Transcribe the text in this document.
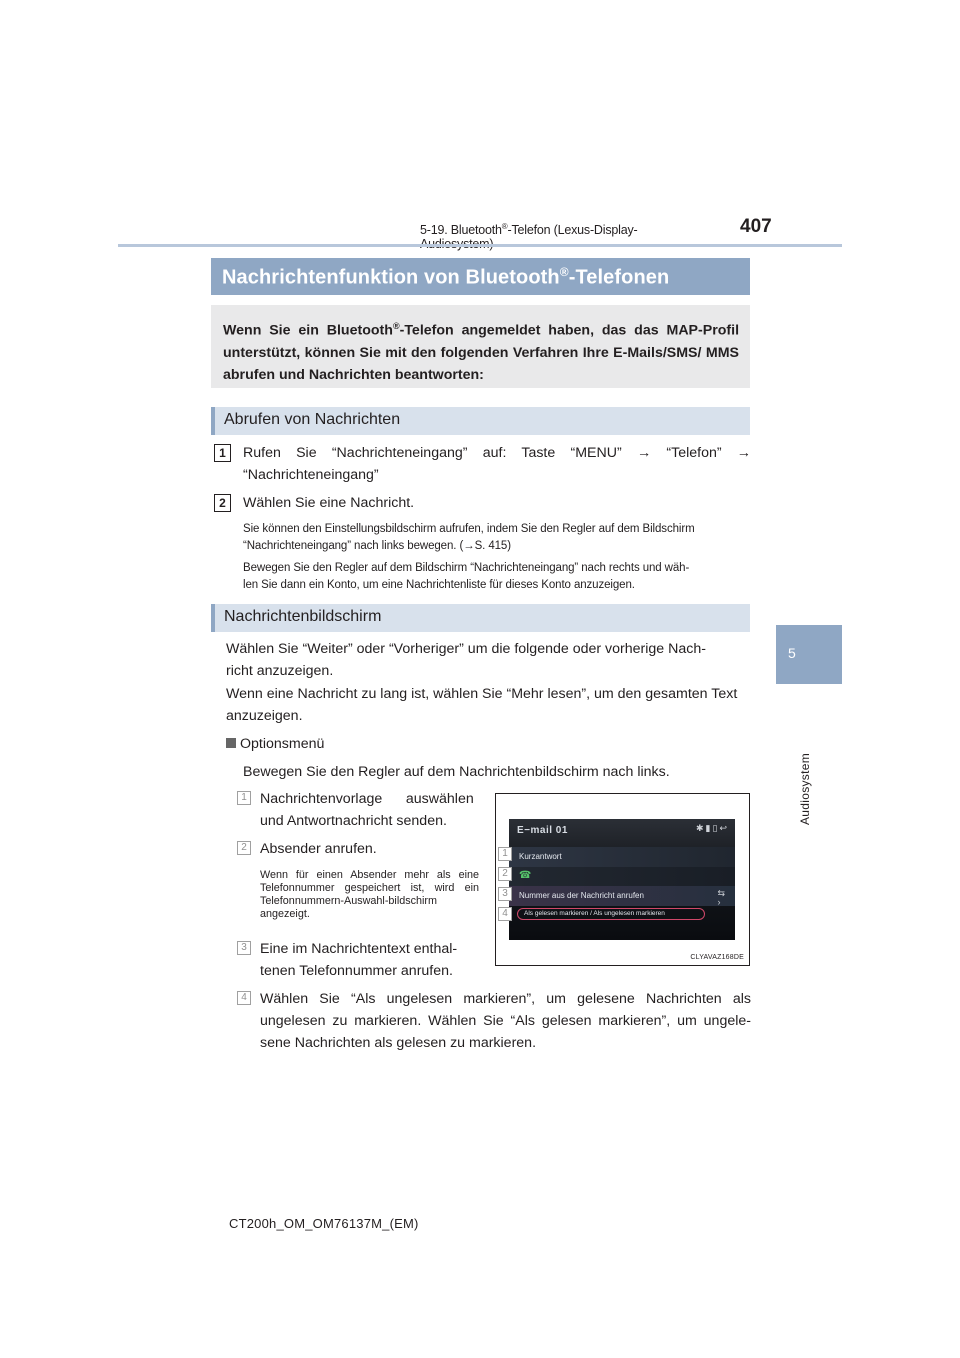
5-19. Bluetooth®-Telefon (Lexus-Display-	407
5
Audiosystem
Nachrichtenfunktion von Bluetooth®-Telefonen
Wenn Sie ein Bluetooth®-Telefon angemeldet haben, das das MAP-Profil unterstützt, können Sie mit den folgenden Verfahren Ihre E-Mails/SMS/ MMS abrufen und Nachrichten beantworten:
Abrufen von Nachrichten
1	Rufen Sie “Nachrichteneingang” auf: Taste “MENU” → “Telefon” →
“Nachrichteneingang”
2	Wählen Sie eine Nachricht.
Sie können den Einstellungsbildschirm aufrufen, indem Sie den Regler auf dem Bildschirm
“Nachrichteneingang” nach links bewegen. (→S. 415)
Bewegen Sie den Regler auf dem Bildschirm “Nachrichteneingang” nach rechts und wäh-
len Sie dann ein Konto, um eine Nachrichtenliste für dieses Konto anzuzeigen.
Nachrichtenbildschirm
Wählen Sie “Weiter” oder “Vorheriger” um die folgende oder vorherige Nach-
richt anzuzeigen.
Wenn eine Nachricht zu lang ist, wählen Sie “Mehr lesen”, um den gesamten Text
anzuzeigen.
Optionsmenü
Bewegen Sie den Regler auf dem Nachrichtenbildschirm nach links.
1 Nachrichtenvorlage      auswählen
und Antwortnachricht senden.
2 Absender anrufen.
Wenn für einen Absender mehr als eine Telefonnummer gespeichert ist, wird ein Telefonnummern-Auswahl-bildschirm angezeigt.
3 Eine im Nachrichtentext enthal-
tenen Telefonnummer anrufen.
4 Wählen Sie “Als ungelesen markieren”, um gelesene Nachrichten als
ungelesen zu markieren. Wählen Sie “Als gelesen markieren”, um ungele-
sene Nachrichten als gelesen zu markieren.
E−mail 01	✱▮▯↩
Kurzantwort
☎
Nummer aus der Nachricht anrufen
Als gelesen markieren / Als ungelesen markieren
⇆
›
CLYAVAZ168DE
1
2
3
4
CT200h_OM_OM76137M_(EM)
